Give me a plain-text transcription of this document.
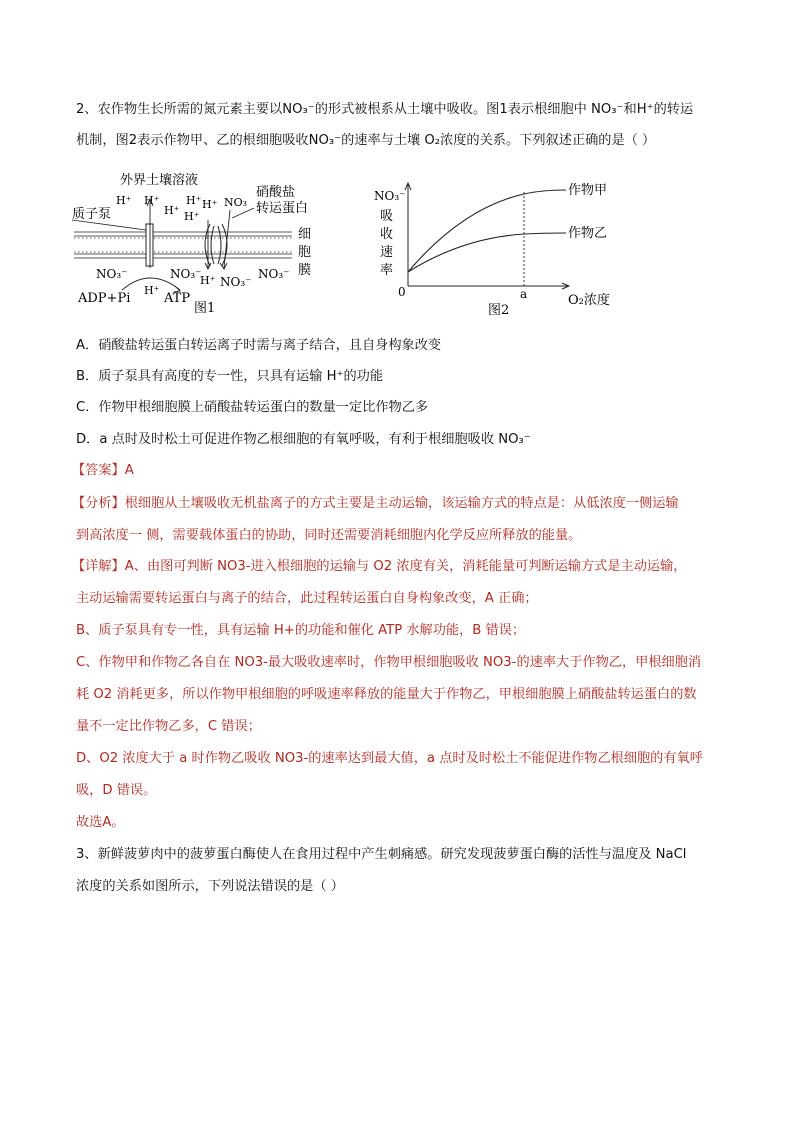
2、农作物生长所需的氮元素主要以NO₃⁻的形式被根系从土壤中吸收。图1表示根细胞中 NO₃⁻和H⁺的转运
机制，图2表示作物甲、乙的根细胞吸收NO₃⁻的速率与土壤 O₂浓度的关系。下列叙述正确的是（ ）
外界土壤溶液
硝酸盐
转运蛋白
质子泵
H⁺ H⁺
H⁺
H⁺
H⁺
H⁺ NO₃
细
胞
膜
NO₃⁻	NO₃⁻
NO₃⁻
NO₃⁻
H⁺
H⁺
ADP+Pi	ATP
图1
NO₃⁻
吸
收
速
率
作物甲
作物乙
0	a	O₂浓度
图2
A．硝酸盐转运蛋白转运离子时需与离子结合，且自身构象改变
B．质子泵具有高度的专一性，只具有运输 H⁺的功能
C．作物甲根细胞膜上硝酸盐转运蛋白的数量一定比作物乙多
D．a 点时及时松土可促进作物乙根细胞的有氧呼吸，有利于根细胞吸收 NO₃⁻
【答案】A
【分析】根细胞从土壤吸收无机盐离子的方式主要是主动运输，该运输方式的特点是：从低浓度一侧运输
到高浓度一 侧，需要载体蛋白的协助，同时还需要消耗细胞内化学反应所释放的能量。
【详解】A、由图可判断 NO3-进入根细胞的运输与 O2 浓度有关，消耗能量可判断运输方式是主动运输，
主动运输需要转运蛋白与离子的结合，此过程转运蛋白自身构象改变，A 正确；
B、质子泵具有专一性，具有运输 H+的功能和催化 ATP 水解功能，B 错误；
C、作物甲和作物乙各自在 NO3-最大吸收速率时，作物甲根细胞吸收 NO3-的速率大于作物乙，甲根细胞消
耗 O2 消耗更多，所以作物甲根细胞的呼吸速率释放的能量大于作物乙，甲根细胞膜上硝酸盐转运蛋白的数
量不一定比作物乙多，C 错误；
D、O2 浓度大于 a 时作物乙吸收 NO3-的速率达到最大值，a 点时及时松土不能促进作物乙根细胞的有氧呼
吸，D 错误。
故选A。
3、新鲜菠萝肉中的菠萝蛋白酶使人在食用过程中产生刺痛感。研究发现菠萝蛋白酶的活性与温度及 NaCl
浓度的关系如图所示，下列说法错误的是（ ）
